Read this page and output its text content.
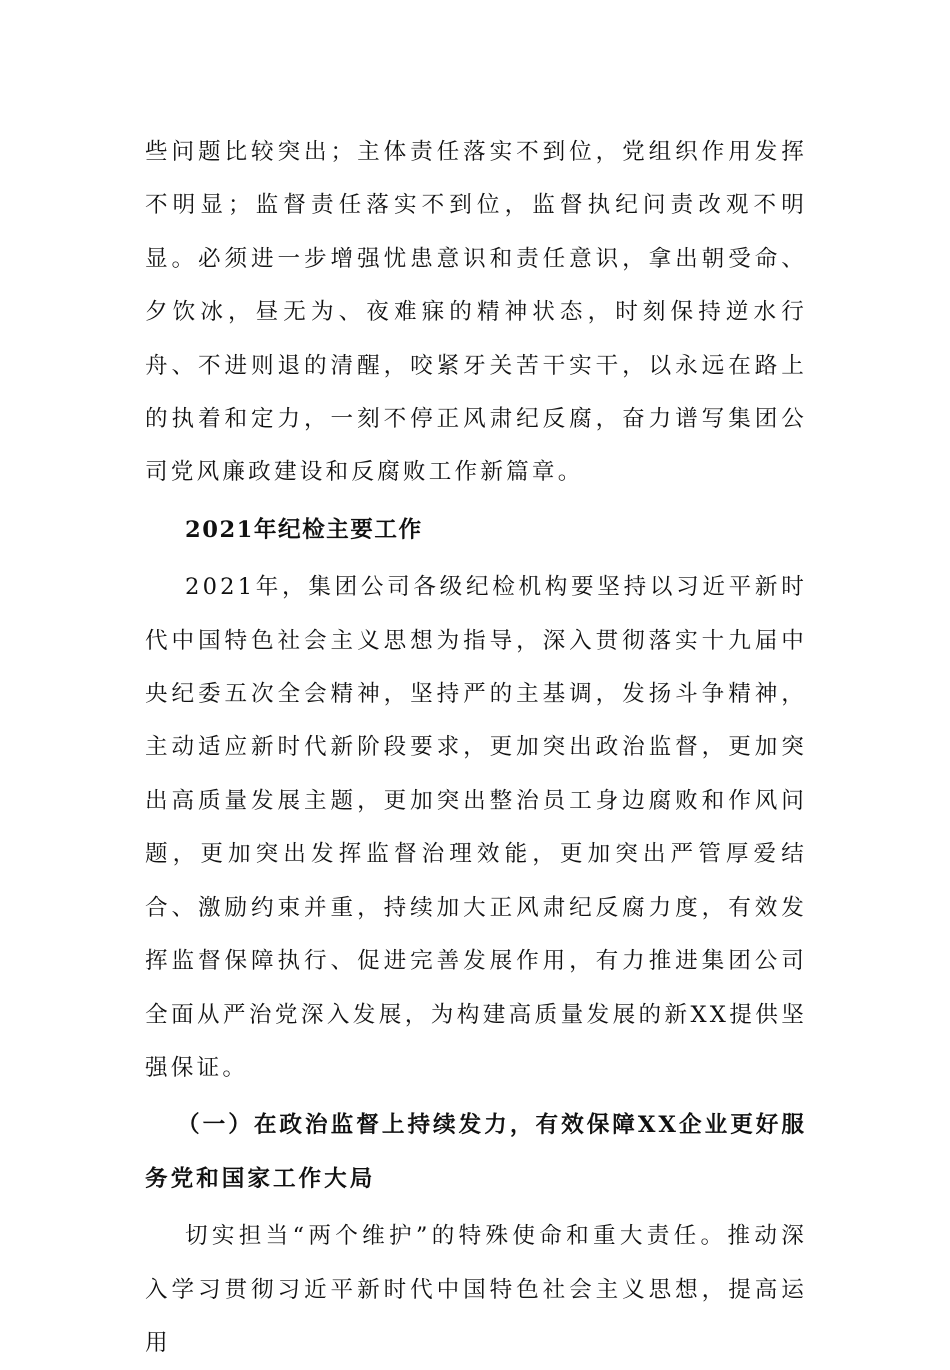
些问题比较突出；主体责任落实不到位，党组织作用发挥不明显；监督责任落实不到位，监督执纪问责改观不明显。必须进一步增强忧患意识和责任意识，拿出朝受命、夕饮冰，昼无为、夜难寐的精神状态，时刻保持逆水行舟、不进则退的清醒，咬紧牙关苦干实干，以永远在路上的执着和定力，一刻不停正风肃纪反腐，奋力谱写集团公司党风廉政建设和反腐败工作新篇章。

2021年纪检主要工作

2021年，集团公司各级纪检机构要坚持以习近平新时代中国特色社会主义思想为指导，深入贯彻落实十九届中央纪委五次全会精神，坚持严的主基调，发扬斗争精神，主动适应新时代新阶段要求，更加突出政治监督，更加突出高质量发展主题，更加突出整治员工身边腐败和作风问题，更加突出发挥监督治理效能，更加突出严管厚爱结合、激励约束并重，持续加大正风肃纪反腐力度，有效发挥监督保障执行、促进完善发展作用，有力推进集团公司全面从严治党深入发展，为构建高质量发展的新XX提供坚强保证。

（一）在政治监督上持续发力，有效保障XX企业更好服务党和国家工作大局

切实担当“两个维护”的特殊使命和重大责任。推动深入学习贯彻习近平新时代中国特色社会主义思想，提高运用
